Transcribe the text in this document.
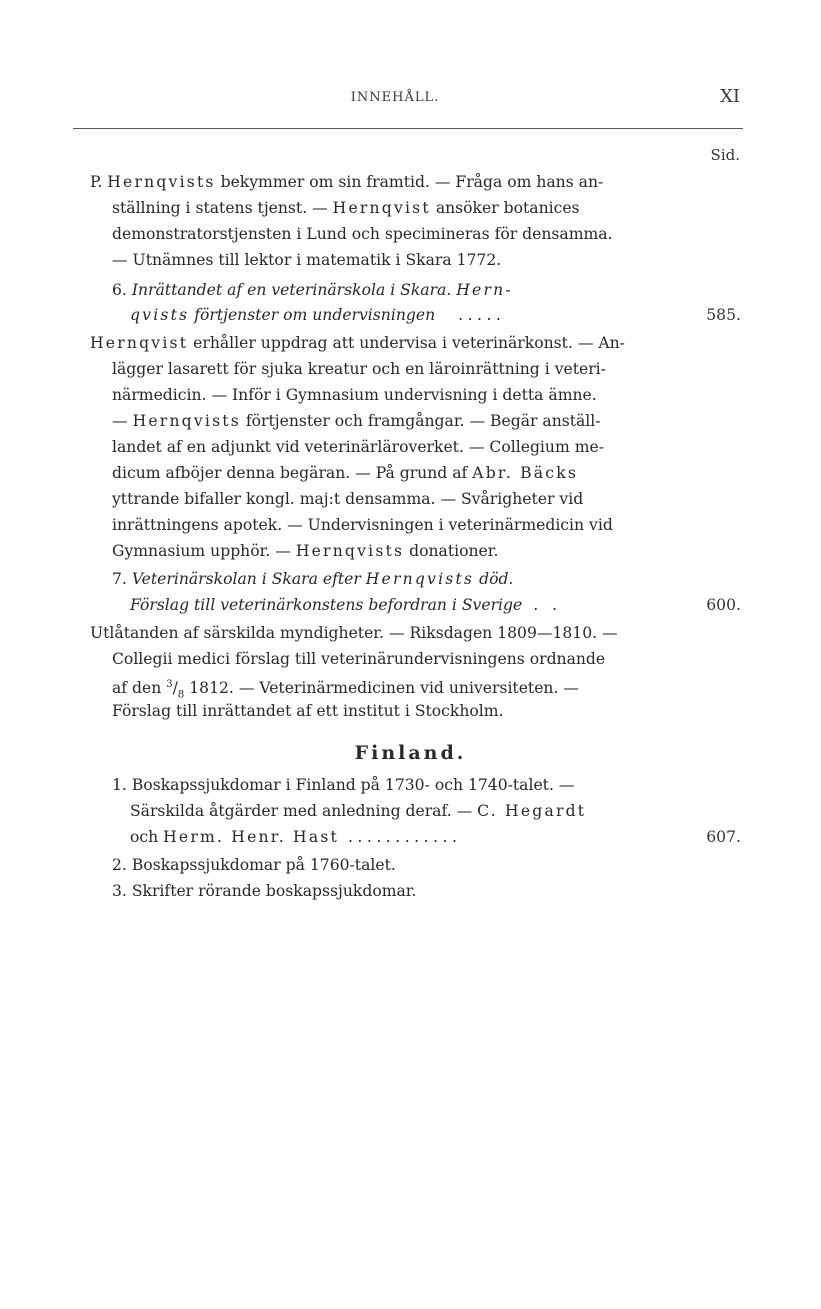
INNEHÅLL.	XI
Sid.
P. Hernqvists bekymmer om sin framtid. — Fråga om hans an-
ställning i statens tjenst. — Hernqvist ansöker botanices
demonstratorstjensten i Lund och specimineras för densamma.
— Utnämnes till lektor i matematik i Skara 1772.
6. Inrättandet af en veterinärskola i Skara. Hern-
qvists förtjenster om undervisningen .....	585.
Hernqvist erhåller uppdrag att undervisa i veterinärkonst. — An-
lägger lasarett för sjuka kreatur och en läroinrättning i veteri-
närmedicin. — Inför i Gymnasium undervisning i detta ämne.
— Hernqvists förtjenster och framgångar. — Begär anställ-
landet af en adjunkt vid veterinärläroverket. — Collegium me-
dicum afböjer denna begäran. — På grund af Abr. Bäcks
yttrande bifaller kongl. maj:t densamma. — Svårigheter vid
inrättningens apotek. — Undervisningen i veterinärmedicin vid
Gymnasium upphör. — Hernqvists donationer.
7. Veterinärskolan i Skara efter Hernqvists död.
Förslag till veterinärkonstens befordran i Sverige . .	600.
Utlåtanden af särskilda myndigheter. — Riksdagen 1809—1810. —
Collegii medici förslag till veterinärundervisningens ordnande
af den $^3/_8$ 1812. — Veterinärmedicinen vid universiteten. —
Förslag till inrättandet af ett institut i Stockholm.
Finland.
1. Boskapssjukdomar i Finland på 1730- och 1740-talet. —
Särskilda åtgärder med anledning deraf. — C. Hegardt
och Herm. Henr. Hast ............	607.
2. Boskapssjukdomar på 1760-talet.
3. Skrifter rörande boskapssjukdomar.
